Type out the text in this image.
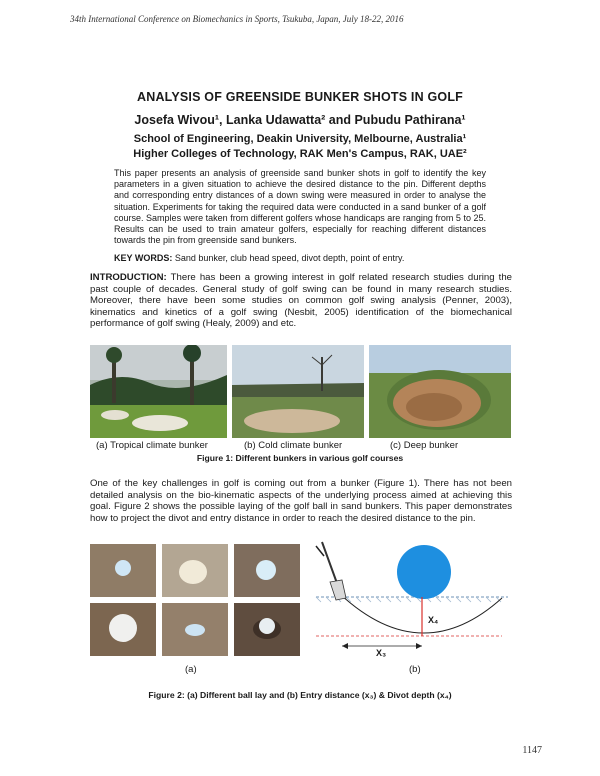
34th International Conference on Biomechanics in Sports, Tsukuba, Japan, July 18-22, 2016
ANALYSIS OF GREENSIDE BUNKER SHOTS IN GOLF
Josefa Wivou¹, Lanka Udawatta² and Pubudu Pathirana¹
School of Engineering, Deakin University, Melbourne, Australia¹
Higher Colleges of Technology, RAK Men's Campus, RAK, UAE²
This paper presents an analysis of greenside sand bunker shots in golf to identify the key parameters in a given situation to achieve the desired distance to the pin. Different depths and corresponding entry distances of a down swing were measured in order to analyse the situation. Experiments for taking the required data were conducted in a sand bunker of a golf course. Samples were taken from different golfers whose handicaps are ranging from 5 to 25. Results can be used to train amateur golfers, especially for reaching different distances towards the pin from greenside sand bunkers.
KEY WORDS: Sand bunker, club head speed, divot depth, point of entry.
INTRODUCTION: There has been a growing interest in golf related research studies during the past couple of decades. General study of golf swing can be found in many research studies. Moreover, there have been some studies on common golf swing analysis (Penner, 2003), kinematics and kinetics of a golf swing (Nesbit, 2005) identification of the biomechanical performance of golf swing (Healy, 2009) and etc.
(a) Tropical climate bunker	(b) Cold climate bunker	(c) Deep bunker
Figure 1: Different bunkers in various golf courses
One of the key challenges in golf is coming out from a bunker (Figure 1). There has not been detailed analysis on the bio-kinematic aspects of the underlying process aimed at achieving this goal. Figure 2 shows the possible laying of the golf ball in sand bunkers. This paper demonstrates how to project the divot and entry distance in order to reach the desired distance to the pin.
(a)
X₄
X₃
(b)
Figure 2: (a) Different ball lay and (b) Entry distance (x₃) & Divot depth (x₄)
1147
